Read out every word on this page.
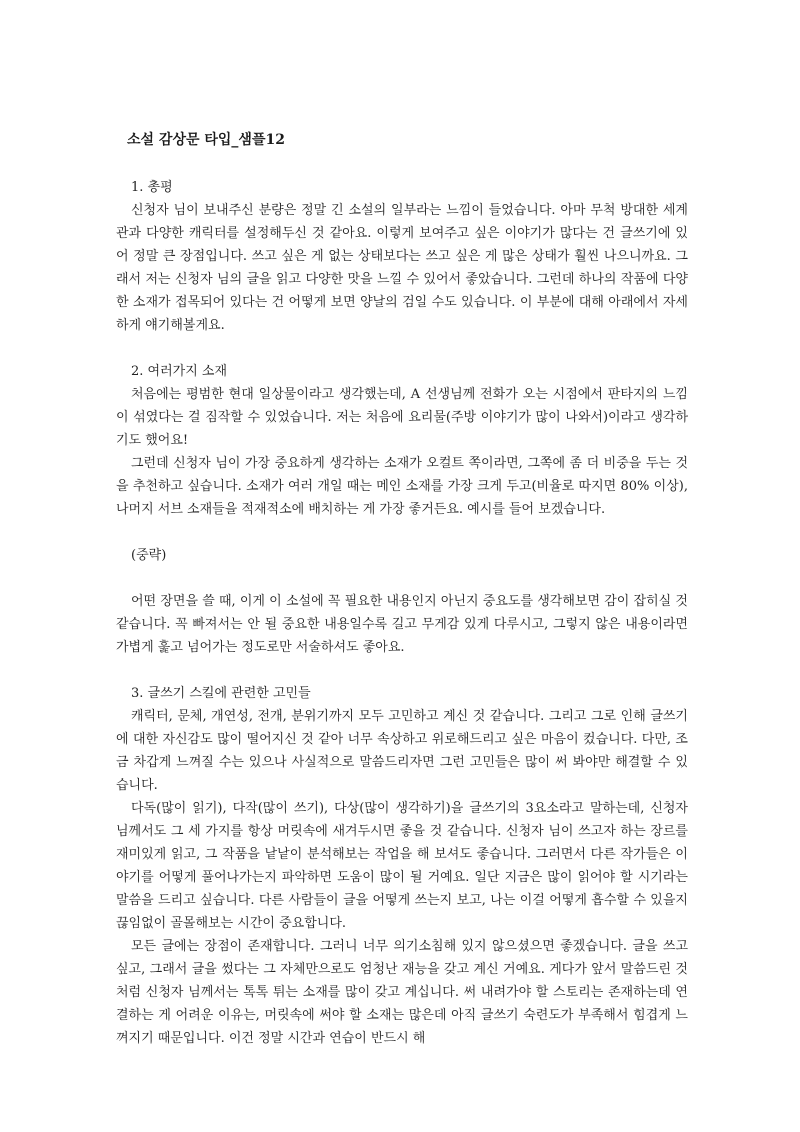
소설 감상문 타입_샘플12
1. 총평

신청자 님이 보내주신 분량은 정말 긴 소설의 일부라는 느낌이 들었습니다. 아마 무척 방대한 세계관과 다양한 캐릭터를 설정해두신 것 같아요. 이렇게 보여주고 싶은 이야기가 많다는 건 글쓰기에 있어 정말 큰 장점입니다. 쓰고 싶은 게 없는 상태보다는 쓰고 싶은 게 많은 상태가 훨씬 나으니까요. 그래서 저는 신청자 님의 글을 읽고 다양한 맛을 느낄 수 있어서 좋았습니다. 그런데 하나의 작품에 다양한 소재가 접목되어 있다는 건 어떻게 보면 양날의 검일 수도 있습니다. 이 부분에 대해 아래에서 자세하게 얘기해볼게요.

2. 여러가지 소재

처음에는 평범한 현대 일상물이라고 생각했는데, A 선생님께 전화가 오는 시점에서 판타지의 느낌이 섞였다는 걸 짐작할 수 있었습니다. 저는 처음에 요리물(주방 이야기가 많이 나와서)이라고 생각하기도 했어요!

그런데 신청자 님이 가장 중요하게 생각하는 소재가 오컬트 쪽이라면, 그쪽에 좀 더 비중을 두는 것을 추천하고 싶습니다. 소재가 여러 개일 때는 메인 소재를 가장 크게 두고(비율로 따지면 80% 이상), 나머지 서브 소재들을 적재적소에 배치하는 게 가장 좋거든요. 예시를 들어 보겠습니다.

(중략)

어떤 장면을 쓸 때, 이게 이 소설에 꼭 필요한 내용인지 아닌지 중요도를 생각해보면 감이 잡히실 것 같습니다. 꼭 빠져서는 안 될 중요한 내용일수록 길고 무게감 있게 다루시고, 그렇지 않은 내용이라면 가볍게 훑고 넘어가는 정도로만 서술하셔도 좋아요.

3. 글쓰기 스킬에 관련한 고민들

캐릭터, 문체, 개연성, 전개, 분위기까지 모두 고민하고 계신 것 같습니다. 그리고 그로 인해 글쓰기에 대한 자신감도 많이 떨어지신 것 같아 너무 속상하고 위로해드리고 싶은 마음이 컸습니다. 다만, 조금 차갑게 느껴질 수는 있으나 사실적으로 말씀드리자면 그런 고민들은 많이 써 봐야만 해결할 수 있습니다.

다독(많이 읽기), 다작(많이 쓰기), 다상(많이 생각하기)을 글쓰기의 3요소라고 말하는데, 신청자 님께서도 그 세 가지를 항상 머릿속에 새겨두시면 좋을 것 같습니다. 신청자 님이 쓰고자 하는 장르를 재미있게 읽고, 그 작품을 낱낱이 분석해보는 작업을 해 보셔도 좋습니다. 그러면서 다른 작가들은 이야기를 어떻게 풀어나가는지 파악하면 도움이 많이 될 거예요. 일단 지금은 많이 읽어야 할 시기라는 말씀을 드리고 싶습니다. 다른 사람들이 글을 어떻게 쓰는지 보고, 나는 이걸 어떻게 흡수할 수 있을지 끊임없이 골몰해보는 시간이 중요합니다.

모든 글에는 장점이 존재합니다. 그러니 너무 의기소침해 있지 않으셨으면 좋겠습니다. 글을 쓰고 싶고, 그래서 글을 썼다는 그 자체만으로도 엄청난 재능을 갖고 계신 거예요. 게다가 앞서 말씀드린 것처럼 신청자 님께서는 톡톡 튀는 소재를 많이 갖고 계십니다. 써 내려가야 할 스토리는 존재하는데 연결하는 게 어려운 이유는, 머릿속에 써야 할 소재는 많은데 아직 글쓰기 숙련도가 부족해서 힘겹게 느껴지기 때문입니다. 이건 정말 시간과 연습이 반드시 해
